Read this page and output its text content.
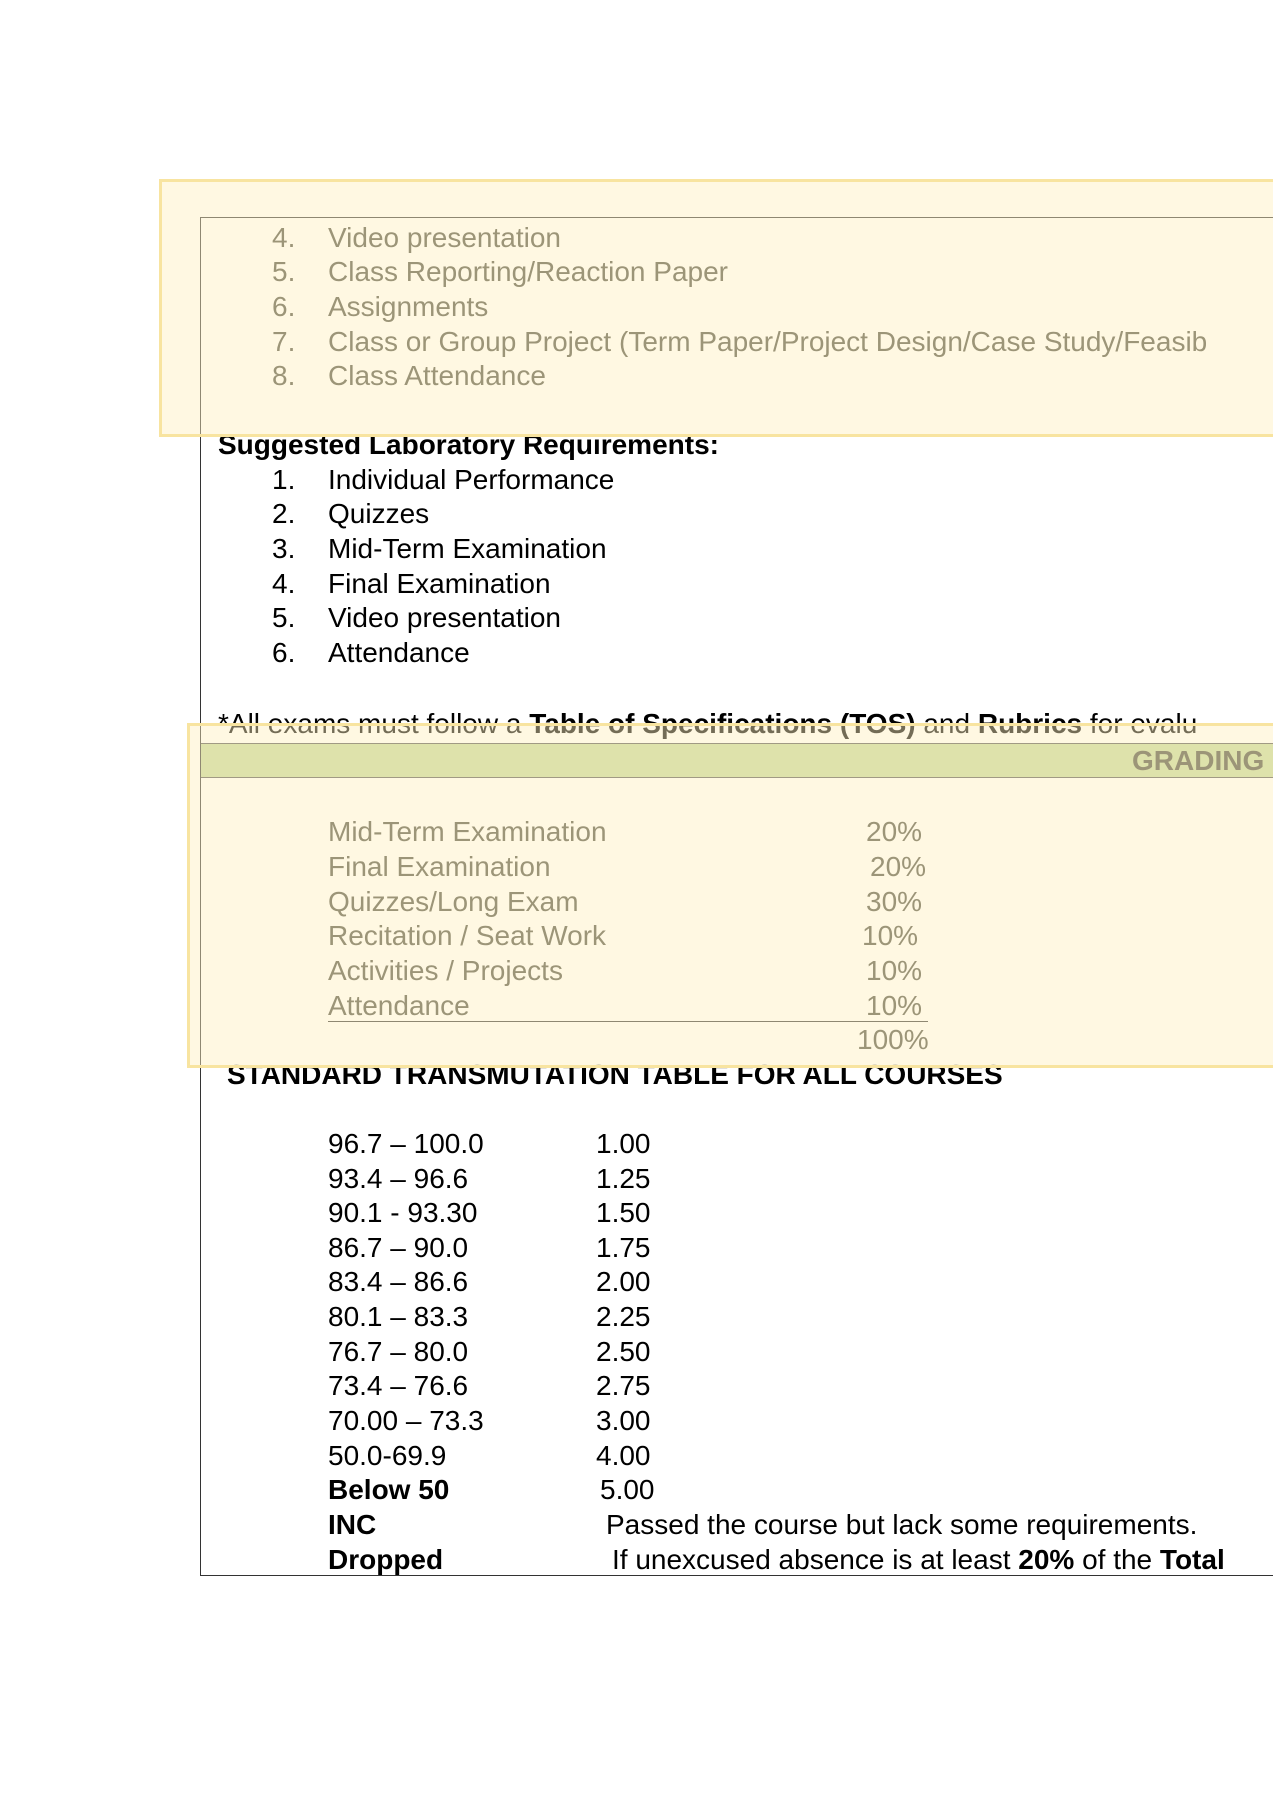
4. Video presentation
5. Class Reporting/Reaction Paper
6. Assignments
7. Class or Group Project (Term Paper/Project Design/Case Study/Feasib
8. Class Attendance
Suggested Laboratory Requirements:
1. Individual Performance
2. Quizzes
3. Mid-Term Examination
4. Final Examination
5. Video presentation
6. Attendance
*All exams must follow a Table of Specifications (TOS) and Rubrics for evalu
GRADING
Mid-Term Examination	20%
Final Examination	20%
Quizzes/Long Exam	30%
Recitation / Seat Work	10%
Activities / Projects	10%
Attendance	10%
100%
STANDARD TRANSMUTATION TABLE FOR ALL COURSES
96.7 – 100.0	1.00
93.4 – 96.6	1.25
90.1 - 93.30	1.50
86.7 – 90.0	1.75
83.4 – 86.6	2.00
80.1 – 83.3	2.25
76.7 – 80.0	2.50
73.4 – 76.6	2.75
70.00 – 73.3	3.00
50.0-69.9	4.00
Below 50	5.00
INC	Passed the course but lack some requirements.
Dropped	If unexcused absence is at least 20% of the Total
